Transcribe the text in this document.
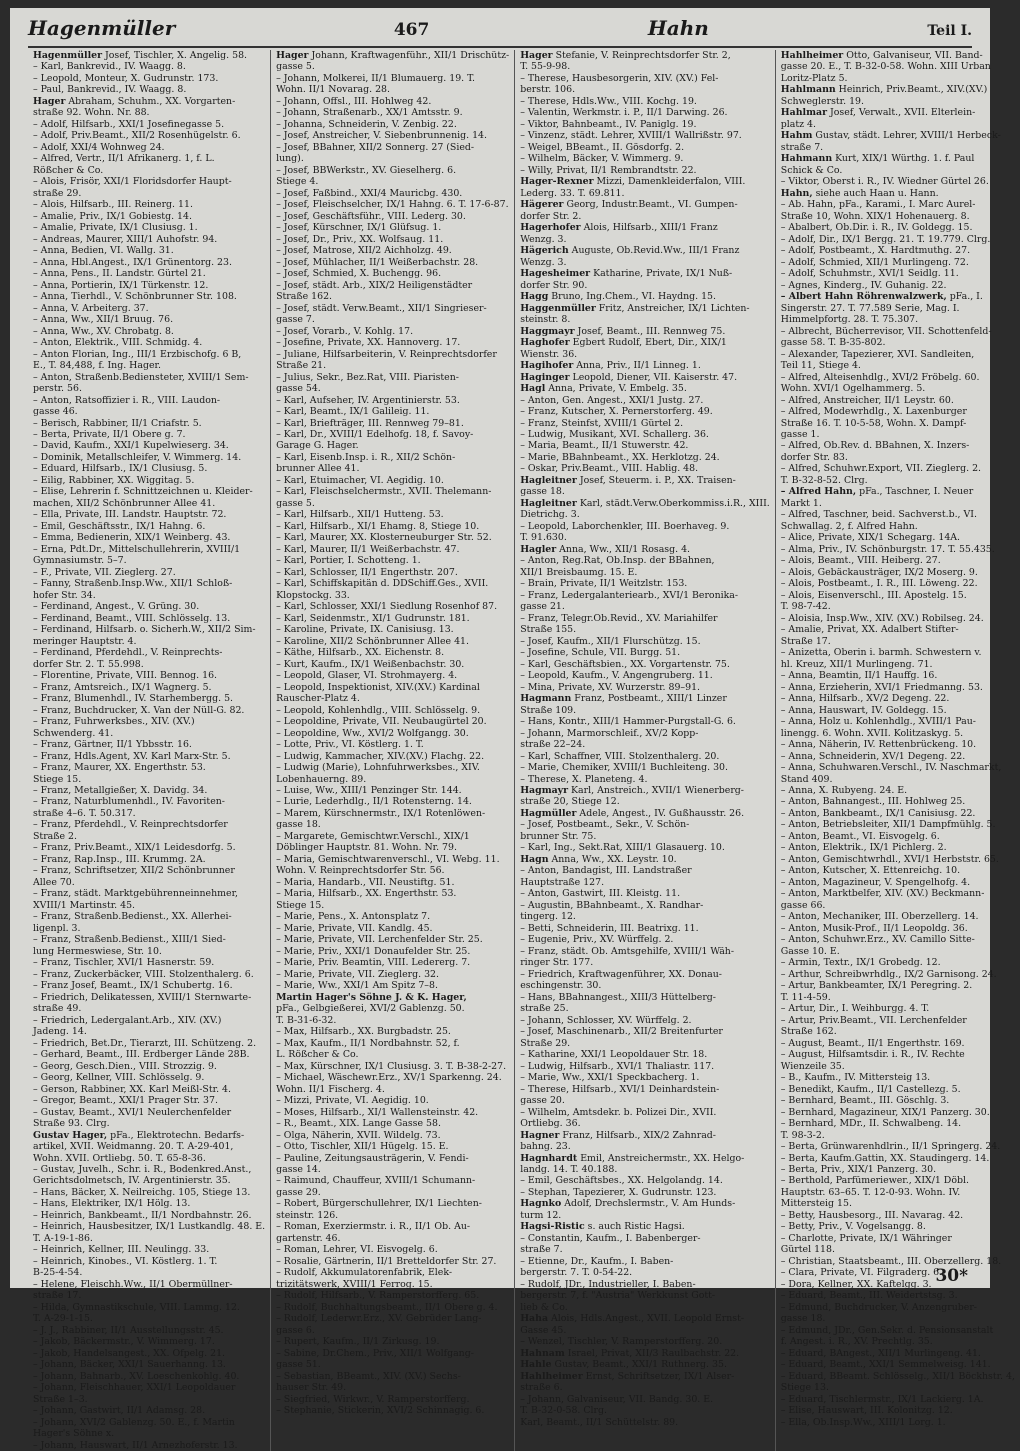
Hagenmüller	467	Hahn	Teil I.
Hagenmüller Josef, Tischler, X. Angelig. 58.
– Karl, Bankrevid., IV. Waagg. 8.
– Leopold, Monteur, X. Gudrunstr. 173.
– Paul, Bankrevid., IV. Waagg. 8.
Hager Abraham, Schuhm., XX. Vorgarten-
straße 92. Wohn. Nr. 88.
– Adolf, Hilfsarb., XXI/1 Josefinegasse 5.
– Adolf, Priv.Beamt., XII/2 Rosenhügelstr. 6.
– Adolf, XXI/4 Wohnweg 24.
– Alfred, Vertr., II/1 Afrikanerg. 1, f. L.
Rößcher & Co.
– Alois, Frisör, XXI/1 Floridsdorfer Haupt-
straße 29.
– Alois, Hilfsarb., III. Reinerg. 11.
– Amalie, Priv., IX/1 Gobiestg. 14.
– Amalie, Private, IX/1 Clusiusg. 1.
– Andreas, Maurer, XIII/1 Auhofstr. 94.
– Anna, Bedien, VI. Wallg. 31.
– Anna, Hbl.Angest., IX/1 Grünentorg. 23.
– Anna, Pens., II. Landstr. Gürtel 21.
– Anna, Portierin, IX/1 Türkenstr. 12.
– Anna, Tierhdl., V. Schönbrunner Str. 108.
– Anna, V. Arbeiterg. 37.
– Anna, Ww., XII/1 Bruug. 76.
– Anna, Ww., XV. Chrobatg. 8.
– Anton, Elektrik., VIII. Schmidg. 4.
– Anton Florian, Ing., III/1 Erzbischofg. 6 B,
E., T. 84,488, f. Ing. Hager.
– Anton, Straßenb.Bediensteter, XVIII/1 Sem-
perstr. 56.
– Anton, Ratsoffizier i. R., VIII. Laudon-
gasse 46.
– Berisch, Rabbiner, II/1 Criafstr. 5.
– Berta, Private, II/1 Obere g. 7.
– David, Kaufm., XXI/1 Kupelwieserg. 34.
– Dominik, Metallschleifer, V. Wimmerg. 14.
– Eduard, Hilfsarb., IX/1 Clusiusg. 5.
– Eilig, Rabbiner, XX. Wiggitag. 5.
– Elise, Lehrerin f. Schnittzeichnen u. Kleider-
machen, XII/2 Schönbrunner Allee 41.
– Ella, Private, III. Landstr. Hauptstr. 72.
– Emil, Geschäftsstr., IX/1 Hahng. 6.
– Emma, Bedienerin, XIX/1 Weinberg. 43.
– Erna, Pdt.Dr., Mittelschullehrerin, XVIII/1
Gymnasiumstr. 5–7.
– F., Private, VII. Zieglerg. 27.
– Fanny, Straßenb.Insp.Ww., XII/1 Schloß-
hofer Str. 34.
– Ferdinand, Angest., V. Grüng. 30.
– Ferdinand, Beamt., VIII. Schlösselg. 13.
– Ferdinand, Hilfsarb. o. Sicherh.W., XII/2 Sim-
meringer Hauptstr. 4.
– Ferdinand, Pferdehdl., V. Reinprechts-
dorfer Str. 2. T. 55.998.
– Florentine, Private, VIII. Bennog. 16.
– Franz, Amtsreich., IX/1 Wagnerg. 5.
– Franz, Blumenhdl., IV. Starhembergg. 5.
– Franz, Buchdrucker, X. Van der Nüll-G. 82.
– Franz, Fuhrwerksbes., XIV. (XV.)
Schwenderg. 41.
– Franz, Gärtner, II/1 Ybbsstr. 16.
– Franz, Hdls.Agent, XV. Karl Marx-Str. 5.
– Franz, Maurer, XX. Engerthstr. 53.
Stiege 15.
– Franz, Metallgießer, X. Davidg. 34.
– Franz, Naturblumenhdl., IV. Favoriten-
straße 4–6. T. 50.317.
– Franz, Pferdehdl., V. Reinprechtsdorfer
Straße 2.
– Franz, Priv.Beamt., XIX/1 Leidesdorfg. 5.
– Franz, Rap.Insp., III. Krummg. 2A.
– Franz, Schriftsetzer, XII/2 Schönbrunner
Allee 70.
– Franz, städt. Marktgebührenneinnehmer,
XVIII/1 Martinstr. 45.
– Franz, Straßenb.Bedienst., XX. Allerhei-
ligenpl. 3.
– Franz, Straßenb.Bedienst., XIII/1 Sied-
lung Hermeswiese, Str. 10.
– Franz, Tischler, XVI/1 Hasnerstr. 59.
– Franz, Zuckerbäcker, VIII. Stolzenthalerg. 6.
– Franz Josef, Beamt., IX/1 Schubertg. 16.
– Friedrich, Delikatessen, XVIII/1 Sternwarte-
straße 49.
– Friedrich, Ledergalant.Arb., XIV. (XV.)
Jadeng. 14.
– Friedrich, Bet.Dr., Tierarzt, III. Schützeng. 2.
– Gerhard, Beamt., III. Erdberger Lände 28B.
– Georg, Gesch.Dien., VIII. Strozzig. 9.
– Georg, Kellner, VIII. Schlösselg. 9.
– Gerson, Rabbiner, XX. Karl Meißl-Str. 4.
– Gregor, Beamt., XXI/1 Prager Str. 37.
– Gustav, Beamt., XVI/1 Neulerchenfelder
Straße 93. Clrg.
Gustav Hager, pFa., Elektrotechn. Bedarfs-
artikel, XVII. Weidmanng. 20. T. A-29-401,
Wohn. XVII. Ortliebg. 50. T. 65-8-36.
– Gustav, Juvelh., Schr. i. R., Bodenkred.Anst.,
Gerichtsdolmetsch, IV. Argentinierstr. 35.
– Hans, Bäcker, X. Neilreichg. 105, Stiege 13.
– Hans, Elektriker, IX/1 Hölg. 13.
– Heinrich, Bankbeamt., II/1 Nordbahnstr. 26.
– Heinrich, Hausbesitzer, IX/1 Lustkandlg. 48. E.
T. A-19-1-86.
– Heinrich, Kellner, III. Neulingg. 33.
– Heinrich, Kinobes., VI. Köstlerg. 1. T.
B-25-4-54.
– Helene, Fleischh.Ww., II/1 Obermüllner-
straße 17.
– Hilda, Gymnastikschule, VIII. Lammg. 12.
T. A-29-1-15.
– J. J., Rabbiner, II/1 Ausstellungsstr. 45.
– Jakob, Bäckermstr., V. Wimmerg. 17.
– Jakob, Handelsangest., XX. Ofpelg. 21.
– Johann, Bäcker, XXI/1 Sauerhanng. 13.
– Johann, Bahnarb., XV. Loeschenkohlg. 40.
– Johann, Fleischhauer, XXI/1 Leopoldauer
Straße 1–3.
– Johann, Gastwirt, II/1 Adamsg. 28.
– Johann, XVI/2 Gablenzg. 50. E., f. Martin
Hager's Söhne x.
– Johann, Hauswart, II/1 Arnezhoferstr. 13.
Hager Johann, Kraftwagenführ., XII/1 Drischütz-
gasse 5.
– Johann, Molkerei, II/1 Blumauerg. 19. T.
Wohn. II/1 Novarag. 28.
– Johann, Offsl., III. Hohlweg 42.
– Johann, Straßenarb., XX/1 Amtsstr. 9.
– Johanna, Schneiderin, V. Zenbig. 22.
– Josef, Anstreicher, V. Siebenbrunnenig. 14.
– Josef, BBahner, XII/2 Sonnerg. 27 (Sied-
lung).
– Josef, BBWerkstr., XV. Gieselherg. 6.
Stiege 4.
– Josef, Faßbind., XXI/4 Mauricbg. 430.
– Josef, Fleischselcher, IX/1 Hahng. 6. T. 17-6-87.
– Josef, Geschäftsführ., VIII. Lederg. 30.
– Josef, Kürschner, IX/1 Glüfsug. 1.
– Josef, Dr., Priv., XX. Wolfsaug. 11.
– Josef, Matrose, XII/2 Aichholzg. 49.
– Josef, Mühlacher, II/1 Weißerbachstr. 28.
– Josef, Schmied, X. Buchengg. 96.
– Josef, städt. Arb., XIX/2 Heiligenstädter
Straße 162.
– Josef, städt. Verw.Beamt., XII/1 Singrieser-
gasse 7.
– Josef, Vorarb., V. Kohlg. 17.
– Josefine, Private, XX. Hannoverg. 17.
– Juliane, Hilfsarbeiterin, V. Reinprechtsdorfer
Straße 21.
– Julius, Sekr., Bez.Rat, VIII. Piaristen-
gasse 54.
– Karl, Aufseher, IV. Argentinierstr. 53.
– Karl, Beamt., IX/1 Galileig. 11.
– Karl, Briefträger, III. Rennweg 79–81.
– Karl, Dr., XVIII/1 Edelhofg. 18, f. Savoy-
Garage G. Hager.
– Karl, Eisenb.Insp. i. R., XII/2 Schön-
brunner Allee 41.
– Karl, Etuimacher, VI. Aegidig. 10.
– Karl, Fleischselchermstr., XVII. Thelemann-
gasse 5.
– Karl, Hilfsarb., XII/1 Hutteng. 53.
– Karl, Hilfsarb., XI/1 Ehamg. 8, Stiege 10.
– Karl, Maurer, XX. Klosterneuburger Str. 52.
– Karl, Maurer, II/1 Weißerbachstr. 47.
– Karl, Portier, I. Schotteng. 1.
– Karl, Schlosser, II/1 Engerthstr. 207.
– Karl, Schiffskapitän d. DDSchiff.Ges., XVII.
Klopstockg. 33.
– Karl, Schlosser, XXI/1 Siedlung Rosenhof 87.
– Karl, Seidenmstr., XI/1 Gudrunstr. 181.
– Karoline, Private, IX. Canisiusg. 13.
– Karoline, XII/2 Schönbrunner Allee 41.
– Käthe, Hilfsarb., XX. Eichenstr. 8.
– Kurt, Kaufm., IX/1 Weißenbachstr. 30.
– Leopold, Glaser, VI. Strohmayerg. 4.
– Leopold, Inspektionist, XIV.(XV.) Kardinal
Rauscher-Platz 4.
– Leopold, Kohlenhdlg., VIII. Schlösselg. 9.
– Leopoldine, Private, VII. Neubaugürtel 20.
– Leopoldine, Ww., XVI/2 Wolfgangg. 30.
– Lotte, Priv., VI. Köstlerg. 1. T.
– Ludwig, Kammacher, XIV.(XV.) Flachg. 22.
– Ludwig (Marie), Lohnfuhrwerksbes., XIV.
Lobenhauerng. 89.
– Luise, Ww., XIII/1 Penzinger Str. 144.
– Lurie, Lederhdlg., II/1 Rotensterng. 14.
– Marem, Kürschnermstr., IX/1 Rotenlöwen-
gasse 18.
– Margarete, Gemischtwr.Verschl., XIX/1
Döblinger Hauptstr. 81. Wohn. Nr. 79.
– Maria, Gemischtwarenverschl., VI. Webg. 11.
Wohn. V. Reinprechtsdorfer Str. 56.
– Maria, Handarb., VII. Neustiftg. 51.
– Maria, Hilfsarb., XX. Engerthstr. 53.
Stiege 15.
– Marie, Pens., X. Antonsplatz 7.
– Marie, Private, VII. Kandlg. 45.
– Marie, Private, VII. Lerchenfelder Str. 25.
– Marie, Priv., XXI/1 Donaufelder Str. 25.
– Marie, Priv. Beamtin, VIII. Ledererg. 7.
– Marie, Private, VII. Zieglerg. 32.
– Marie, Ww., XXI/1 Am Spitz 7–8.
Martin Hager's Söhne J. & K. Hager,
pFa., Gelbgießerei, XVI/2 Gablenzg. 50.
T. B-31-6-32.
– Max, Hilfsarb., XX. Burgbadstr. 25.
– Max, Kaufm., II/1 Nordbahnstr. 52, f.
L. Rößcher & Co.
– Max, Kürschner, IX/1 Clusiusg. 3. T. B-38-2-27.
– Michael, Wäschewr.Erz., XV/1 Sparkenng. 24.
Wohn. II/1 Fischerg. 4.
– Mizzi, Private, VI. Aegidig. 10.
– Moses, Hilfsarb., XI/1 Wallensteinstr. 42.
– R., Beamt., XIX. Lange Gasse 58.
– Olga, Näherin, XVII. Wildelg. 73.
– Otto, Tischler, XII/1 Hügelg. 15. E.
– Pauline, Zeitungsausträgerin, V. Fendi-
gasse 14.
– Raimund, Chauffeur, XVIII/1 Schumann-
gasse 29.
– Robert, Bürgerschullehrer, IX/1 Liechten-
steinstr. 126.
– Roman, Exerziermstr. i. R., II/1 Ob. Au-
gartenstr. 46.
– Roman, Lehrer, VI. Eisvogelg. 6.
– Rosalie, Gärtnerin, II/1 Bretteldorfer Str. 27.
– Rudolf, Akkumulatorenfabrik, Elek-
trizitätswerk, XVIII/1 Ferrog. 15.
– Rudolf, Hilfsarb., V. Ramperstorfferg. 65.
– Rudolf, Buchhaltungsbeamt., II/1 Obere g. 4.
– Rudolf, Lederwr.Erz., XV. Gebrüder Lang-
gasse 6.
– Rupert, Kaufm., II/1 Zirkusg. 19.
– Sabine, Dr.Chem., Priv., XII/1 Wolfgang-
gasse 51.
– Sebastian, BBeamt., XIV. (XV.) Sechs-
hauser Str. 49.
– Siegfried, Wirkwr., V. Ramperstorfferg.
– Stephanie, Stickerin, XVI/2 Schinnagig. 6.
Hager Stefanie, V. Reinprechtsdorfer Str. 2,
T. 55-9-98.
– Therese, Hausbesorgerin, XIV. (XV.) Fel-
berstr. 106.
– Therese, Hdls.Ww., VIII. Kochg. 19.
– Valentin, Werkmstr. i. P., II/1 Darwing. 26.
– Viktor, Bahnbeamt., IV. Paniglg. 19.
– Vinzenz, städt. Lehrer, XVIII/1 Wallrißstr. 97.
– Weigel, BBeamt., II. Gösdorfg. 2.
– Wilhelm, Bäcker, V. Wimmerg. 9.
– Willy, Privat, II/1 Rembrandtstr. 22.
Hager-Rexner Mizzi, Damenkleiderfalon, VIII.
Lederg. 33. T. 69.811.
Hägerer Georg, Industr.Beamt., VI. Gumpen-
dorfer Str. 2.
Hagerhofer Alois, Hilfsarb., XIII/1 Franz
Wenzg. 3.
Hägerich Auguste, Ob.Revid.Ww., III/1 Franz
Wenzg. 3.
Hagesheimer Katharine, Private, IX/1 Nuß-
dorfer Str. 90.
Hagg Bruno, Ing.Chem., VI. Haydng. 15.
Haggenmüller Fritz, Anstreicher, IX/1 Lichten-
steinstr. 8.
Haggmayr Josef, Beamt., III. Rennweg 75.
Haghofer Egbert Rudolf, Ebert, Dir., XIX/1
Wienstr. 36.
Hagihofer Anna, Priv., II/1 Linneg. 1.
Haginger Leopold, Diener, VII. Kaiserstr. 47.
Hagl Anna, Private, V. Embelg. 35.
– Anton, Gen. Angest., XXI/1 Justg. 27.
– Franz, Kutscher, X. Pernerstorferg. 49.
– Franz, Steinfst, XVIII/1 Gürtel 2.
– Ludwig, Musikant, XVI. Schallerg. 36.
– Maria, Beamt., II/1 Stuwerstr. 42.
– Marie, BBahnbeamt., XX. Herklotzg. 24.
– Oskar, Priv.Beamt., VIII. Hablig. 48.
Hagleitner Josef, Steuerm. i. P., XX. Traisen-
gasse 18.
Hagleitner Karl, städt.Verw.Oberkommiss.i.R., XIII.
Dietrichg. 3.
– Leopold, Laborchenkler, III. Boerhaveg. 9.
T. 91.630.
Hagler Anna, Ww., XII/1 Rosasg. 4.
– Anton, Reg.Rat, Ob.Insp. der BBahnen,
XII/1 Breisbaumg. 15. E.
– Brain, Private, II/1 Weitzlstr. 153.
– Franz, Ledergalanteriearb., XVI/1 Beronika-
gasse 21.
– Franz, Telegr.Ob.Revid., XV. Mariahilfer
Straße 155.
– Josef, Kaufm., XII/1 Flurschützg. 15.
– Josefine, Schule, VII. Burgg. 51.
– Karl, Geschäftsbien., XX. Vorgartenstr. 75.
– Leopold, Kaufm., V. Angengruberg. 11.
– Mina, Private, XV. Wurzerstr. 89–91.
Hagmann Franz, Postbeamt., XIII/1 Linzer
Straße 109.
– Hans, Kontr., XIII/1 Hammer-Purgstall-G. 6.
– Johann, Marmorschleif., XV/2 Kopp-
straße 22–24.
– Karl, Schaffner, VIII. Stolzenthalerg. 20.
– Marie, Chemiker, XVIII/1 Buchleiteng. 30.
– Therese, X. Planeteng. 4.
Hagmayr Karl, Anstreich., XVII/1 Wienerberg-
straße 20, Stiege 12.
Hagmüller Adele, Angest., IV. Gußhausstr. 26.
– Josef, Postbeamt., Sekr., V. Schön-
brunner Str. 75.
– Karl, Ing., Sekt.Rat, XIII/1 Glasauerg. 10.
Hagn Anna, Ww., XX. Leystr. 10.
– Anton, Bandagist, III. Landstraßer
Hauptstraße 127.
– Anton, Gastwirt, III. Kleistg. 11.
– Augustin, BBahnbeamt., X. Randhar-
tingerg. 12.
– Betti, Schneiderin, III. Beatrixg. 11.
– Eugenie, Priv., XV. Würffelg. 2.
– Franz, städt. Ob. Amtsgehilfe, XVIII/1 Wäh-
ringer Str. 177.
– Friedrich, Kraftwagenführer, XX. Donau-
eschingenstr. 30.
– Hans, BBahnangest., XIII/3 Hüttelberg-
straße 25.
– Johann, Schlosser, XV. Würffelg. 2.
– Josef, Maschinenarb., XII/2 Breitenfurter
Straße 29.
– Katharine, XXI/1 Leopoldauer Str. 18.
– Ludwig, Hilfsarb., XVI/1 Thaliastr. 117.
– Marie, Ww., XXI/1 Speckbacherg. 1.
– Therese, Hilfsarb., XVI/1 Deinhardstein-
gasse 20.
– Wilhelm, Amtsdekr. b. Polizei Dir., XVII.
Ortliebg. 36.
Hagner Franz, Hilfsarb., XIX/2 Zahnrad-
bahng. 23.
Hagnhardt Emil, Anstreichermstr., XX. Helgo-
landg. 14. T. 40.188.
– Emil, Geschäftsbes., XX. Helgolandg. 14.
– Stephan, Tapezierer, X. Gudrunstr. 123.
Hagnko Adolf, Drechslermstr., V. Am Hunds-
turm 12.
Hagsi-Ristic s. auch Ristic Hagsi.
– Constantin, Kaufm., I. Babenberger-
straße 7.
– Etienne, Dr., Kaufm., I. Baben-
bergerstr. 7. T. 0-54-22.
– Rudolf, JDr., Industrieller, I. Baben-
bergerstr. 7, f. "Austria" Werkkunst Gott-
lieb & Co.
Haha Alois, Hdls.Angest., XVII. Leopold Ernst-
Gasse 45.
– Wenzel, Tischler, V. Ramperstorfferg. 20.
Hahnam Israel, Privat, XII/3 Raulbachstr. 22.
Hahle Gustav, Beamt., XXI/1 Ruthnerg. 35.
Hahlheimer Ernst, Schriftsetzer, IX/1 Alser-
straße 6.
– Johann, Galvaniseur, VII. Bandg. 30. E.
T. B-32-0-58. Clrg.
Karl, Beamt., II/1 Schüttelstr. 89.
Hahlheimer Otto, Galvaniseur, VII. Band-
gasse 20. E., T. B-32-0-58. Wohn. XIII Urban
Loritz-Platz 5.
Hahlmann Heinrich, Priv.Beamt., XIV.(XV.)
Schweglerstr. 19.
Hahlmar Josef, Verwalt., XVII. Elterlein-
platz 4.
Hahm Gustav, städt. Lehrer, XVIII/1 Herbeck-
straße 7.
Hahmann Kurt, XIX/1 Würthg. 1. f. Paul
Schick & Co.
– Viktor, Oberst i. R., IV. Wiedner Gürtel 26.
Hahn, siehe auch Haan u. Hann.
– Ab. Hahn, pFa., Karami., I. Marc Aurel-
Straße 10, Wohn. XIX/1 Hohenauerg. 8.
– Abalbert, Ob.Dir. i. R., IV. Goldegg. 15.
– Adolf, Dir., IX/1 Bergg. 21. T. 19.779. Clrg.
– Adolf, Postbeamt., X. Hardtmuthg. 27.
– Adolf, Schmied, XII/1 Murlingeng. 72.
– Adolf, Schuhmstr., XVI/1 Seidlg. 11.
– Agnes, Kinderg., IV. Guhanig. 22.
– Albert Hahn Röhrenwalzwerk, pFa., I.
Singerstr. 27. T. 77.589 Serie, Mag. I.
Himmelpfortg. 28. T. 75.307.
– Albrecht, Bücherrevisor, VII. Schottenfeld-
gasse 58. T. B-35-802.
– Alexander, Tapezierer, XVI. Sandleiten,
Teil 11, Stiege 4.
– Alfred, Alteisenhdlg., XVI/2 Fröbelg. 60.
Wohn. XVI/1 Ogelhammerg. 5.
– Alfred, Anstreicher, II/1 Leystr. 60.
– Alfred, Modewrhdlg., X. Laxenburger
Straße 16. T. 10-5-58, Wohn. X. Dampf-
gasse 1.
– Alfred, Ob.Rev. d. BBahnen, X. Inzers-
dorfer Str. 83.
– Alfred, Schuhwr.Export, VII. Zieglerg. 2.
T. B-32-8-52. Clrg.
– Alfred Hahn, pFa., Taschner, I. Neuer
Markt 1.
– Alfred, Taschner, beid. Sachverst.b., VI.
Schwallag. 2, f. Alfred Hahn.
– Alice, Private, XIX/1 Schegarg. 14A.
– Alma, Priv., IV. Schönburgstr. 17. T. 55.435.
– Alois, Beamt., VIII. Heiberg. 27.
– Alois, Gebäckausträger, IX/2 Moserg. 9.
– Alois, Postbeamt., I. R., III. Löweng. 22.
– Alois, Eisenverschl., III. Apostelg. 15.
T. 98-7-42.
– Aloisia, Insp.Ww., XIV. (XV.) Robilseg. 24.
– Amalie, Privat, XX. Adalbert Stifter-
Straße 17.
– Anizetta, Oberin i. barmh. Schwestern v.
hl. Kreuz, XII/1 Murlingeng. 71.
– Anna, Beamtin, II/1 Hauffg. 16.
– Anna, Erzieherin, XVI/1 Friedmanng. 53.
– Anna, Hilfsarb., XV/2 Degeng. 22.
– Anna, Hauswart, IV. Goldegg. 15.
– Anna, Holz u. Kohlenhdlg., XVIII/1 Pau-
linengg. 6. Wohn. XVII. Kolitzaskyg. 5.
– Anna, Näherin, IV. Rettenbrückeng. 10.
– Anna, Schneiderin, XV/1 Degeng. 22.
– Anna, Schuhwaren.Verschl., IV. Naschmarkt,
Stand 409.
– Anna, X. Rubyeng. 24. E.
– Anton, Bahnangest., III. Hohlweg 25.
– Anton, Bankbeamt., IX/1 Canisiusg. 22.
– Anton, Betriebsleiter, XII/1 Dampfmühlg. 5.
– Anton, Beamt., VI. Eisvogelg. 6.
– Anton, Elektrik., IX/1 Pichlerg. 2.
– Anton, Gemischtwrhdl., XVI/1 Herbststr. 65.
– Anton, Kutscher, X. Ettenreichg. 10.
– Anton, Magazineur, V. Spengelhofg. 4.
– Anton, Marktbelfer, XIV. (XV.) Beckmann-
gasse 66.
– Anton, Mechaniker, III. Oberzellerg. 14.
– Anton, Musik-Prof., II/1 Leopoldg. 36.
– Anton, Schuhwr.Erz., XV. Camillo Sitte-
Gasse 10. E.
– Armin, Textr., IX/1 Grobedg. 12.
– Arthur, Schreibwrhdlg., IX/2 Garnisong. 24.
– Artur, Bankbeamter, IX/1 Peregring. 2.
T. 11-4-59.
– Artur, Dir., I. Weihburgg. 4. T.
– Artur, Priv.Beamt., VII. Lerchenfelder
Straße 162.
– August, Beamt., II/1 Engerthstr. 169.
– August, Hilfsamtsdir. i. R., IV. Rechte
Wienzeile 35.
– B., Kaufm., IV. Mittersteig 13.
– Benedikt, Kaufm., II/1 Castellezg. 5.
– Bernhard, Beamt., III. Göschlg. 3.
– Bernhard, Magazineur, XIX/1 Panzerg. 30.
– Bernhard, MDr., II. Schwalbeng. 14.
T. 98-3-2.
– Berta, Grünwarenhdlrin., II/1 Springerg. 24.
– Berta, Kaufm.Gattin, XX. Staudingerg. 14.
– Berta, Priv., XIX/1 Panzerg. 30.
– Berthold, Parfümeriewer., XIX/1 Döbl.
Hauptstr. 63–65. T. 12-0-93. Wohn. IV.
Mittersteig 15.
– Betty, Hausbesorg., III. Navarag. 42.
– Betty, Priv., V. Vogelsangg. 8.
– Charlotte, Private, IX/1 Währinger
Gürtel 118.
– Christian, Staatsbeamt., III. Oberzellerg. 18.
– Clara, Private, VI. Filgraderg. 6.
– Dora, Kellner, XX. Kaftelgg. 3.
– Eduard, Beamt., III. Weidertstsg. 3.
– Edmund, Buchdrucker, V. Anzengruber-
gasse 18.
– Edmund, JDr., Gen.Sekr. d. Pensionsanstalt
f. Angest. i. R., XV. Prechtlg. 35.
– Eduard, BAngest., XII/1 Murlingeng. 41.
– Eduard, Beamt., XXI/1 Semmelweisg. 141.
– Eduard, BBeamt. Schlösselg., XII/1 Böckhstr. 4,
Stiege 13.
– Eduard, Tischlermstr., IX/1 Lackierg. 1A.
– Elise, Hauswart, III. Kolonitzg. 12.
– Ella, Ob.Insp.Ww., XIII/1 Lorg. 1.
30*
